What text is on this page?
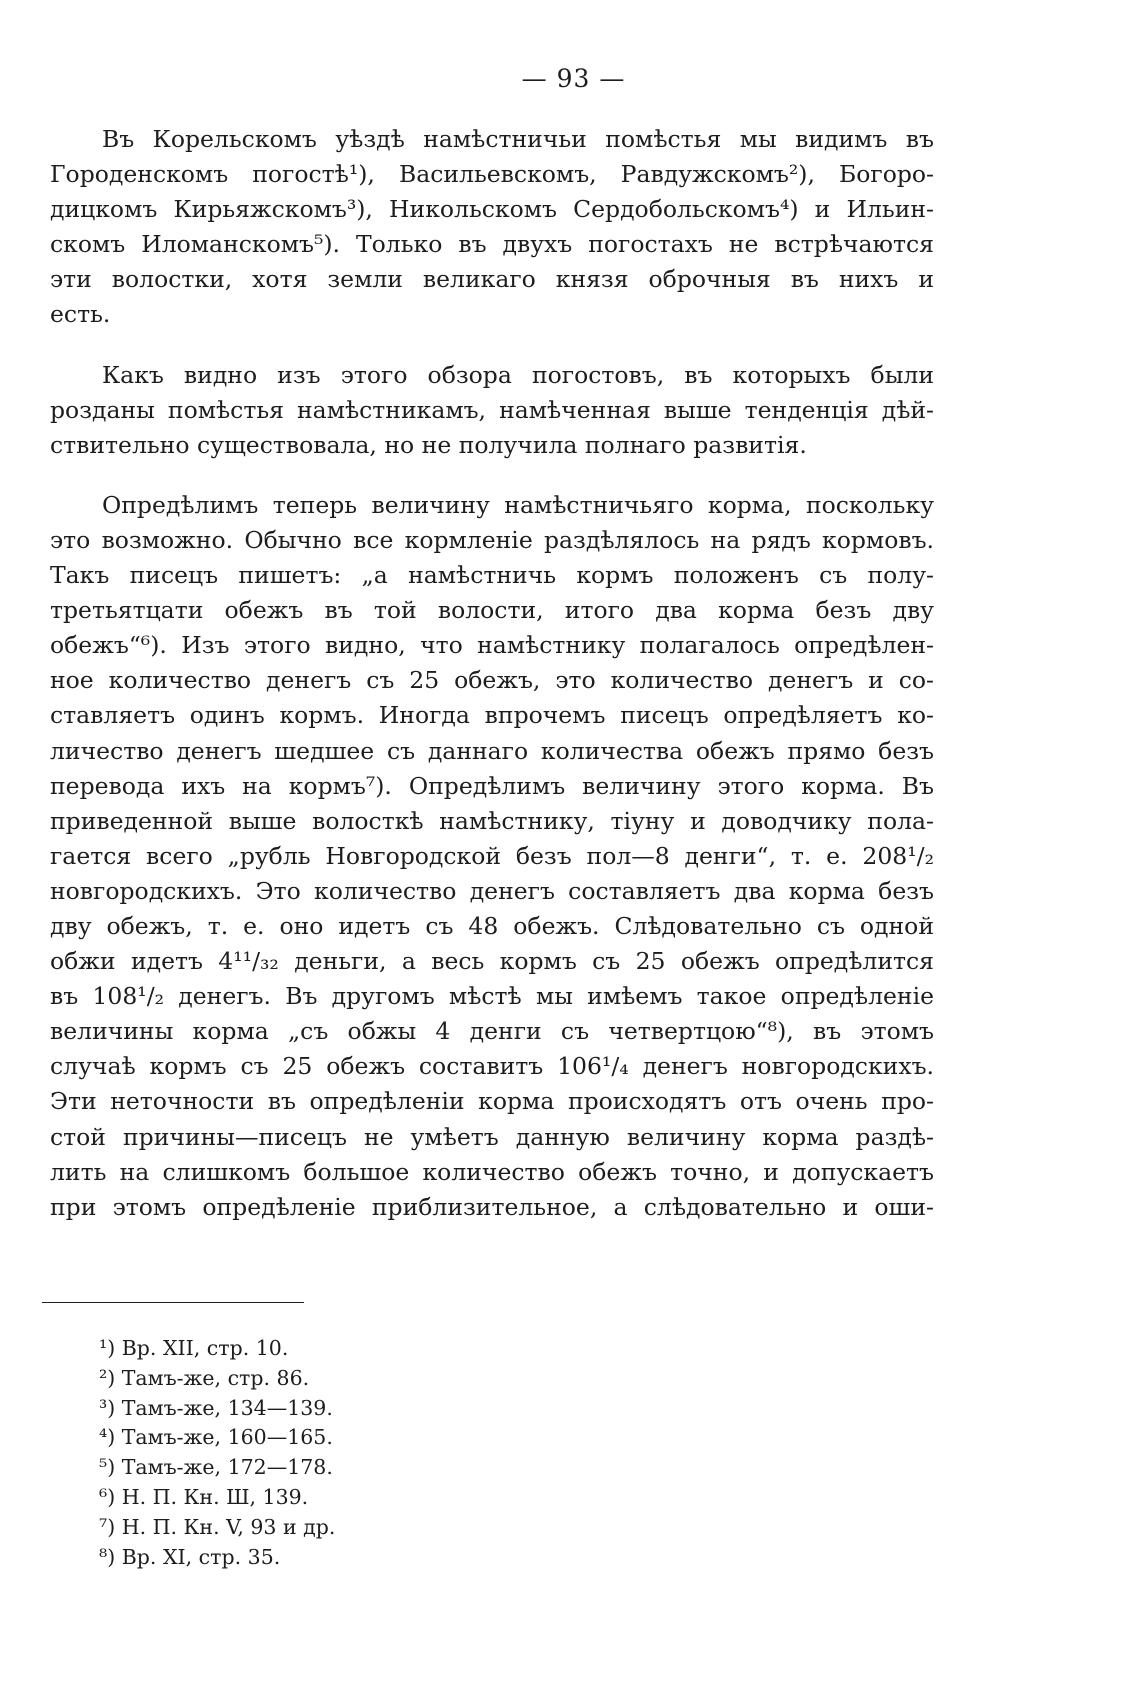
— 93 —
Въ Корельскомъ уѣздѣ намѣстничьи помѣстья мы видимъ въ
Городенскомъ погостѣ¹), Васильевскомъ, Равдужскомъ²), Богоро-
дицкомъ Кирьяжскомъ³), Никольскомъ Сердобольскомъ⁴) и Ильин-
скомъ Иломанскомъ⁵). Только въ двухъ погостахъ не встрѣчаются
эти волостки, хотя земли великаго князя оброчныя въ нихъ и
есть.
Какъ видно изъ этого обзора погостовъ, въ которыхъ были
розданы помѣстья намѣстникамъ, намѣченная выше тенденція дѣй-
ствительно существовала, но не получила полнаго развитія.
Опредѣлимъ теперь величину намѣстничьяго корма, поскольку
это возможно. Обычно все кормленіе раздѣлялось на рядъ кормовъ.
Такъ писецъ пишетъ: „а намѣстничь кормъ положенъ съ полу-
третьятцати обежъ въ той волости, итого два корма безъ дву
обежъ“⁶). Изъ этого видно, что намѣстнику полагалось опредѣлен-
ное количество денегъ съ 25 обежъ, это количество денегъ и со-
ставляетъ одинъ кормъ. Иногда впрочемъ писецъ опредѣляетъ ко-
личество денегъ шедшее съ даннаго количества обежъ прямо безъ
перевода ихъ на кормъ⁷). Опредѣлимъ величину этого корма. Въ
приведенной выше волосткѣ намѣстнику, тіуну и доводчику пола-
гается всего „рубль Новгородской безъ пол—8 денги“, т. е. 208¹/₂
новгородскихъ. Это количество денегъ составляетъ два корма безъ
дву обежъ, т. е. оно идетъ съ 48 обежъ. Слѣдовательно съ одной
обжи идетъ 4¹¹/₃₂ деньги, а весь кормъ съ 25 обежъ опредѣлится
въ 108¹/₂ денегъ. Въ другомъ мѣстѣ мы имѣемъ такое опредѣленіе
величины корма „съ обжы 4 денги съ четвертцою“⁸), въ этомъ
случаѣ кормъ съ 25 обежъ составитъ 106¹/₄ денегъ новгородскихъ.
Эти неточности въ опредѣленіи корма происходятъ отъ очень про-
стой причины—писецъ не умѣетъ данную величину корма раздѣ-
лить на слишкомъ большое количество обежъ точно, и допускаетъ
при этомъ опредѣленіе приблизительное, а слѣдовательно и оши-
¹) Вр. XII, стр. 10.
²) Тамъ-же, стр. 86.
³) Тамъ-же, 134—139.
⁴) Тамъ-же, 160—165.
⁵) Тамъ-же, 172—178.
⁶) Н. П. Кн. Ш, 139.
⁷) Н. П. Кн. V, 93 и др.
⁸) Вр. XI, стр. 35.
